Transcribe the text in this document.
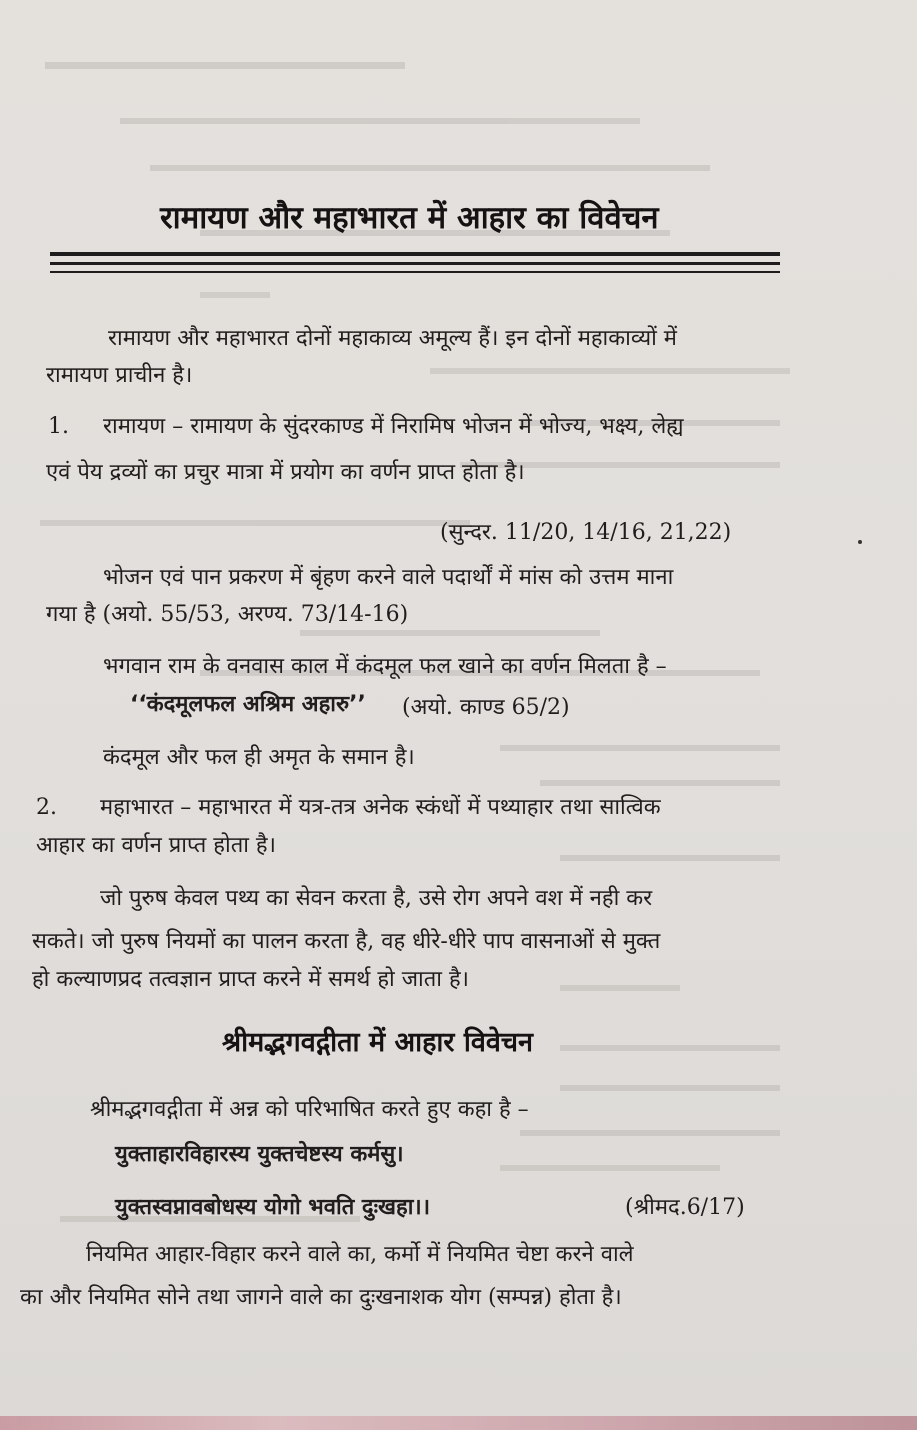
रामायण और महाभारत में आहार का विवेचन
रामायण और महाभारत दोनों महाकाव्य अमूल्य हैं। इन दोनों महाकाव्यों में
रामायण प्राचीन है।
1. रामायण – रामायण के सुंदरकाण्ड में निरामिष भोजन में भोज्य, भक्ष्य, लेह्य
एवं पेय द्रव्यों का प्रचुर मात्रा में प्रयोग का वर्णन प्राप्त होता है।
(सुन्दर. 11/20, 14/16, 21,22)
भोजन एवं पान प्रकरण में बृंहण करने वाले पदार्थों में मांस को उत्तम माना
गया है (अयो. 55/53, अरण्य. 73/14-16)
भगवान राम के वनवास काल में कंदमूल फल खाने का वर्णन मिलता है –
‘‘कंदमूलफल अश्रिम अहारु’’ (अयो. काण्ड 65/2)
कंदमूल और फल ही अमृत के समान है।
2. महाभारत – महाभारत में यत्र-तत्र अनेक स्कंधों में पथ्याहार तथा सात्विक
आहार का वर्णन प्राप्त होता है।
जो पुरुष केवल पथ्य का सेवन करता है, उसे रोग अपने वश में नही कर
सकते। जो पुरुष नियमों का पालन करता है, वह धीरे-धीरे पाप वासनाओं से मुक्त
हो कल्याणप्रद तत्वज्ञान प्राप्त करने में समर्थ हो जाता है।
श्रीमद्भगवद्गीता में आहार विवेचन
श्रीमद्भगवद्गीता में अन्न को परिभाषित करते हुए कहा है –
युक्ताहारविहारस्य युक्तचेष्टस्य कर्मसु।
युक्तस्वप्नावबोधस्य योगो भवति दुःखहा।।	(श्रीमद.6/17)
नियमित आहार-विहार करने वाले का, कर्मो में नियमित चेष्टा करने वाले
का और नियमित सोने तथा जागने वाले का दुःखनाशक योग (सम्पन्न) होता है।
